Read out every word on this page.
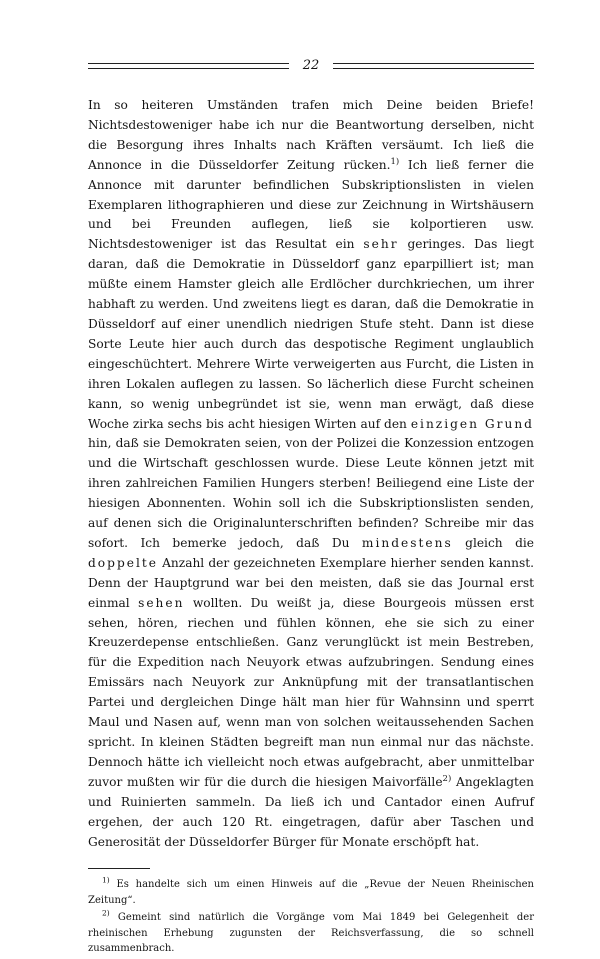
22

In so heiteren Umständen trafen mich Deine beiden Briefe! Nichtsdestoweniger habe ich nur die Beantwortung derselben, nicht die Besorgung ihres Inhalts nach Kräften versäumt. Ich ließ die Annonce in die Düsseldorfer Zeitung rücken.$^{1)}$ Ich ließ ferner die Annonce mit darunter befindlichen Subskriptionslisten in vielen Exemplaren lithographieren und diese zur Zeichnung in Wirtshäusern und bei Freunden auflegen, ließ sie kolportieren usw. Nichtsdestoweniger ist das Resultat ein sehr geringes. Das liegt daran, daß die Demokratie in Düsseldorf ganz eparpilliert ist; man müßte einem Hamster gleich alle Erdlöcher durchkriechen, um ihrer habhaft zu werden. Und zweitens liegt es daran, daß die Demokratie in Düsseldorf auf einer unendlich niedrigen Stufe steht. Dann ist diese Sorte Leute hier auch durch das despotische Regiment unglaublich eingeschüchtert. Mehrere Wirte verweigerten aus Furcht, die Listen in ihren Lokalen auflegen zu lassen. So lächerlich diese Furcht scheinen kann, so wenig unbegründet ist sie, wenn man erwägt, daß diese Woche zirka sechs bis acht hiesigen Wirten auf den einzigen Grund hin, daß sie Demokraten seien, von der Polizei die Konzession entzogen und die Wirtschaft geschlossen wurde. Diese Leute können jetzt mit ihren zahlreichen Familien Hungers sterben! Beiliegend eine Liste der hiesigen Abonnenten. Wohin soll ich die Subskriptionslisten senden, auf denen sich die Originalunterschriften befinden? Schreibe mir das sofort. Ich bemerke jedoch, daß Du mindestens gleich die doppelte Anzahl der gezeichneten Exemplare hierher senden kannst. Denn der Hauptgrund war bei den meisten, daß sie das Journal erst einmal sehen wollten. Du weißt ja, diese Bourgeois müssen erst sehen, hören, riechen und fühlen können, ehe sie sich zu einer Kreuzerdepense entschließen. Ganz verunglückt ist mein Bestreben, für die Expedition nach Neuyork etwas aufzubringen. Sendung eines Emissärs nach Neuyork zur Anknüpfung mit der transatlantischen Partei und dergleichen Dinge hält man hier für Wahnsinn und sperrt Maul und Nasen auf, wenn man von solchen weitaussehenden Sachen spricht. In kleinen Städten begreift man nun einmal nur das nächste. Dennoch hätte ich vielleicht noch etwas aufgebracht, aber unmittelbar zuvor mußten wir für die durch die hiesigen Maivorfälle$^{2)}$ Angeklagten und Ruinierten sammeln. Da ließ ich und Cantador einen Aufruf ergehen, der auch 120 Rt. eingetragen, dafür aber Taschen und Generosität der Düsseldorfer Bürger für Monate erschöpft hat.

$^{1)}$ Es handelte sich um einen Hinweis auf die „Revue der Neuen Rheinischen Zeitung“.

$^{2)}$ Gemeint sind natürlich die Vorgänge vom Mai 1849 bei Gelegenheit der rheinischen Erhebung zugunsten der Reichsverfassung, die so schnell zusammenbrach.
